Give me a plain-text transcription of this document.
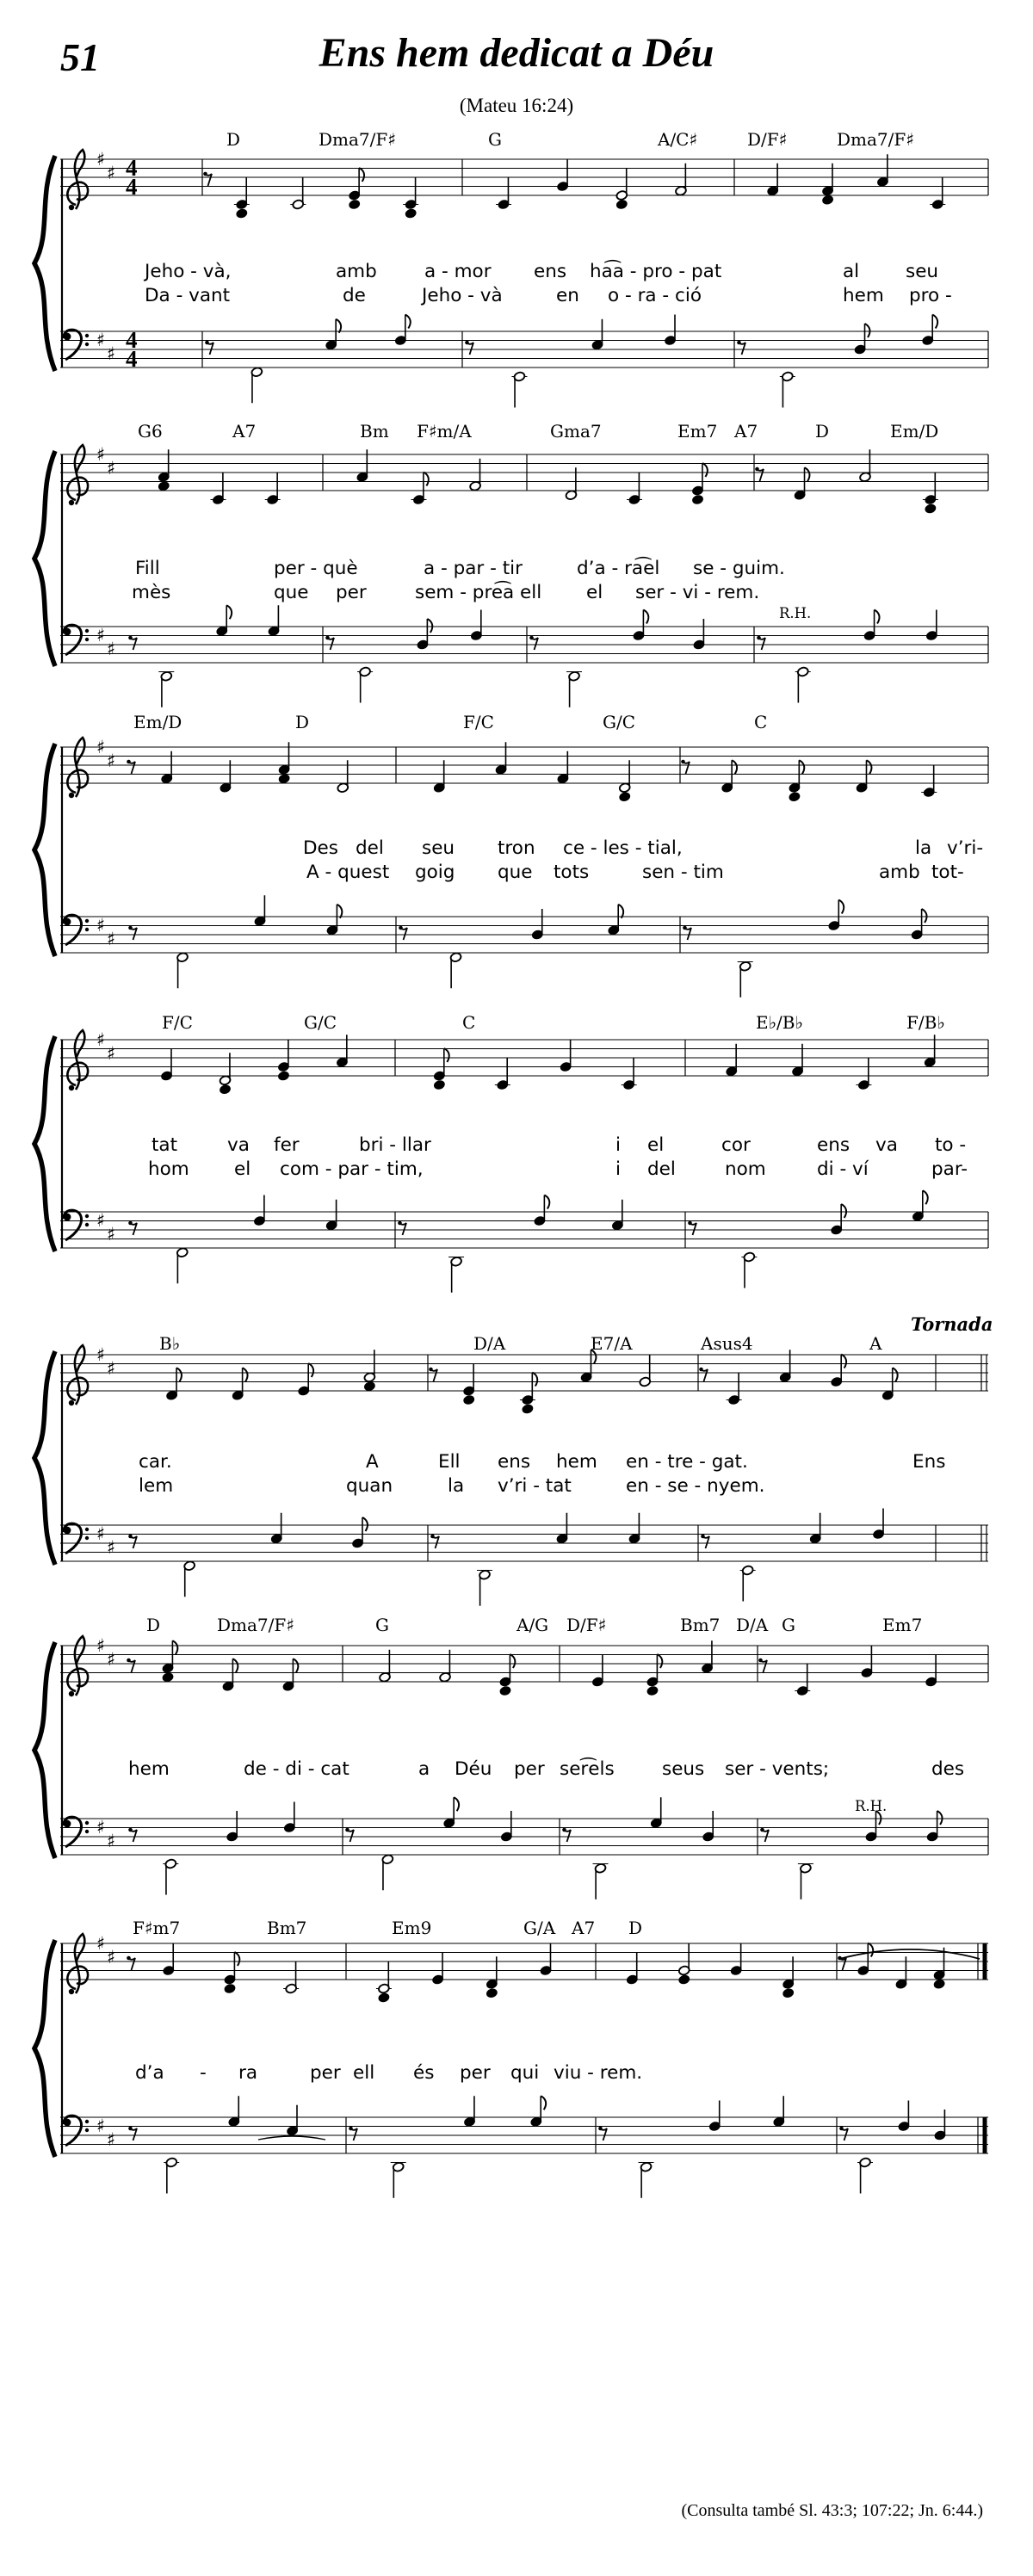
51	Ens hem dedicat a Déu
(Mateu 16:24)
♯
♯
♯
♯
4
4
4
4
♯
♯
♯
♯
♯
♯
♯
♯
♯
♯
♯
♯
♯
♯
♯
♯
♯
♯
♯
♯
♯
♯
♯
♯
D	Dma7/F♯	G	A/C♯	D/F♯	Dma7/F♯
Jeho - và,	amb	a - mor ens ha͡a - pro - pat	al	seu
Da - vant	de	Jeho - và	en o - ra - ció	hem pro -
G6	A7	Bm F♯m/A	Gma7	Em7 A7	D	Em/D
Fill	per - què	a - par - tir	d’a - ra͡el se - guim.
mès	que per	sem - pre͡a ell el ser - vi - rem.
R.H.
Em/D	D	F/C	G/C	C
Des del seu tron ce - les - tial,	la v’ri-
A - quest goig que tots	sen - tim	amb tot-
F/C	G/C	C	E♭/B♭	F/B♭
tat	va fer	bri - llar	i el	cor	ens va to -
hom el com - par - tim,	i del	nom	di - ví	par-
B♭	D/A	E7/A	Asus4	A
car.	A	Ell ens hem en - tre - gat.	Ens
lem	quan	la v’ri - tat	en - se - nyem.
Tornada
D	Dma7/F♯	G	A/G D/F♯	Bm7 D/A G	Em7
hem	de - di - cat	a Déu per ser͡els	seus ser - vents;	des
R.H.
F♯m7	Bm7	Em9	G/A A7 D
d’a - ra	per ell és per qui viu - rem.
(Consulta també Sl. 43:3; 107:22; Jn. 6:44.)
